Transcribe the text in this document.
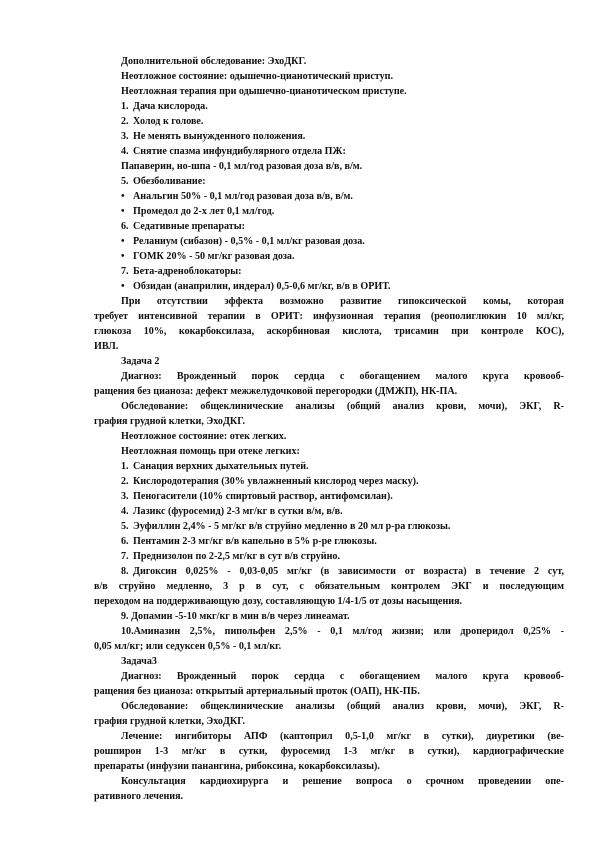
Дополнительной обследование: ЭхоДКГ.
Неотложное состояние: одышечно-цианотический приступ.
Неотложная терапия при одышечно-цианотическом приступе.
1. Дача кислорода.
2. Холод к голове.
3. Не менять вынужденного положения.
4. Снятие спазма инфундибулярного отдела ПЖ:
Папаверин, но-шпа - 0,1 мл/год разовая доза в/в, в/м.
5. Обезболивание:
• Анальгин 50% - 0,1 мл/год разовая доза в/в, в/м.
• Промедол до 2-х лет 0,1 мл/год.
6. Седативные препараты:
• Реланиум (сибазон) - 0,5% - 0,1 мл/кг разовая доза.
• ГОМК 20% - 50 мг/кг разовая доза.
7. Бета-адреноблокаторы:
• Обзидан (анаприлин, индерал) 0,5-0,6 мг/кг, в/в в ОРИТ.
При отсутствии эффекта возможно развитие гипоксической комы, которая
требует интенсивной терапии в ОРИТ: инфузионная терапия (реополиглюкин 10 мл/кг,
глюкоза 10%, кокарбоксилаза, аскорбиновая кислота, трисамин при контроле КОС),
ИВЛ.
Задача 2
Диагноз: Врожденный порок сердца с обогащением малого круга кровооб-
ращения без цианоза: дефект межжелудочковой перегородки (ДМЖП), НК-ПА.
Обследование: общеклинические анализы (общий анализ крови, мочи), ЭКГ, R-
графия грудной клетки, ЭхоДКГ.
Неотложное состояние: отек легких.
Неотложная помощь при отеке легких:
1. Санация верхних дыхательных путей.
2. Кислородотерапия (30% увлажненный кислород через маску).
3. Пеногасители (10% спиртовый раствор, антифомсилан).
4. Лазикс (фуросемид) 2-3 мг/кг в сутки в/м, в/в.
5. Эуфиллин 2,4% - 5 мг/кг в/в струйно медленно в 20 мл р-ра глюкозы.
6. Пентамин 2-3 мг/кг в/в капельно в 5% р-ре глюкозы.
7. Преднизолон по 2-2,5 мг/кг в сут в/в струйно.
8. Дигоксин 0,025% - 0,03-0,05 мг/кг (в зависимости от возраста) в течение 2 сут,
в/в струйно медленно, 3 р в сут, с обязательным контролем ЭКГ и последующим
переходом на поддерживающую дозу, составляющую 1/4-1/5 от дозы насыщения.
9. Допамин -5-10 мкг/кг в мин в/в через линеамат.
10.Аминазин 2,5%, пипольфен 2,5% - 0,1 мл/год жизни; или дроперидол 0,25% -
0,05 мл/кг; или седуксен 0,5% - 0,1 мл/кг.
Задача3
Диагноз: Врожденный порок сердца с обогащением малого круга кровооб-
ращения без цианоза: открытый артериальный проток (ОАП), НК-ПБ.
Обследование: общеклинические анализы (общий анализ крови, мочи), ЭКГ, R-
графия грудной клетки, ЭхоДКГ.
Лечение: ингибиторы АПФ (каптоприл 0,5-1,0 мг/кг в сутки), диуретики (ве-
рошпирон 1-3 мг/кг в сутки, фуросемид 1-3 мг/кг в сутки), кардиографические
препараты (инфузии панангина, рибоксина, кокарбоксилазы).
Консультация кардиохирурга и решение вопроса о срочном проведении опе-
ративного лечения.
